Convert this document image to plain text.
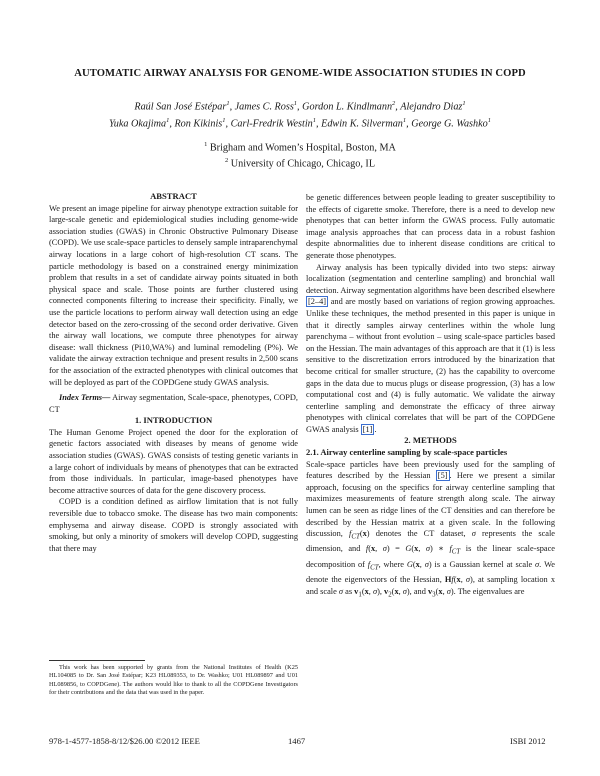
AUTOMATIC AIRWAY ANALYSIS FOR GENOME-WIDE ASSOCIATION STUDIES IN COPD
Raúl San José Estépar$^1$, James C. Ross$^1$, Gordon L. Kindlmann$^2$, Alejandro Diaz$^1$
Yuka Okajima$^1$, Ron Kikinis$^1$, Carl-Fredrik Westin$^1$, Edwin K. Silverman$^1$, George G. Washko$^1$
$^1$ Brigham and Women’s Hospital, Boston, MA
$^2$ University of Chicago, Chicago, IL

ABSTRACT

We present an image pipeline for airway phenotype extraction suitable for large-scale genetic and epidemiological studies including genome-wide association studies (GWAS) in Chronic Obstructive Pulmonary Disease (COPD). We use scale-space particles to densely sample intraparenchymal airway locations in a large cohort of high-resolution CT scans. The particle methodology is based on a constrained energy minimization problem that results in a set of candidate airway points situated in both physical space and scale. Those points are further clustered using connected components filtering to increase their specificity. Finally, we use the particle locations to perform airway wall detection using an edge detector based on the zero-crossing of the second order derivative. Given the airway wall locations, we compute three phenotypes for airway disease: wall thickness (Pi10,WA%) and luminal remodeling (P%). We validate the airway extraction technique and present results in 2,500 scans for the association of the extracted phenotypes with clinical outcomes that will be deployed as part of the COPDGene study GWAS analysis.

Index Terms— Airway segmentation, Scale-space, phenotypes, COPD, CT

1. INTRODUCTION

The Human Genome Project opened the door for the exploration of genetic factors associated with diseases by means of genome wide association studies (GWAS). GWAS consists of testing genetic variants in a large cohort of individuals by means of phenotypes that can be extracted from those individuals. In particular, image-based phenotypes have become attractive sources of data for the gene discovery process.

COPD is a condition defined as airflow limitation that is not fully reversible due to tobacco smoke. The disease has two main components: emphysema and airway disease. COPD is strongly associated with smoking, but only a minority of smokers will develop COPD, suggesting that there may

This work has been supported by grants from the National Institutes of Health (K25 HL104085 to Dr. San José Estépar; K23 HL089353, to Dr. Washko; U01 HL089897 and U01 HL089856, to COPDGene). The authors would like to thank to all the COPDGene Investigators for their contributions and the data that was used in the paper.

be genetic differences between people leading to greater susceptibility to the effects of cigarette smoke. Therefore, there is a need to develop new phenotypes that can better inform the GWAS process. Fully automatic image analysis approaches that can process data in a robust fashion despite abnormalities due to inherent disease conditions are critical to generate those phenotypes.

Airway analysis has been typically divided into two steps: airway localization (segmentation and centerline sampling) and bronchial wall detection. Airway segmentation algorithms have been described elsewhere [2–4] and are mostly based on variations of region growing approaches. Unlike these techniques, the method presented in this paper is unique in that it directly samples airway centerlines within the whole lung parenchyma – without front evolution – using scale-space particles based on the Hessian. The main advantages of this approach are that it (1) is less sensitive to the discretization errors introduced by the binarization that become critical for smaller structure, (2) has the capability to overcome gaps in the data due to mucus plugs or disease progression, (3) has a low computational cost and (4) is fully automatic. We validate the airway centerline sampling and demonstrate the efficacy of three airway phenotypes with clinical correlates that will be part of the COPDGene GWAS analysis [1] .

2. METHODS

2.1. Airway centerline sampling by scale-space particles

Scale-space particles have been previously used for the sampling of features described by the Hessian [5] . Here we present a similar approach, focusing on the specifics for airway centerline sampling that maximizes measurements of feature strength along scale. The airway lumen can be seen as ridge lines of the CT densities and can therefore be described by the Hessian matrix at a given scale. In the following discussion, $f_{CT}(x)$ denotes the CT dataset, σ represents the scale dimension, and f(x, σ) = G(x, σ) ∗ $f_{CT}$ is the linear scale-space decomposition of $f_{CT}$, where G(x, σ) is a Gaussian kernel at scale σ. We denote the eigenvectors of the Hessian, Hf(x, σ), at sampling location x and scale σ as $v_1(x$, σ), $v_2(x$, σ), and $v_3(x$, σ). The eigenvalues are

978-1-4577-1858-8/12/$26.00 ©2012 IEEE	1467	ISBI 2012
